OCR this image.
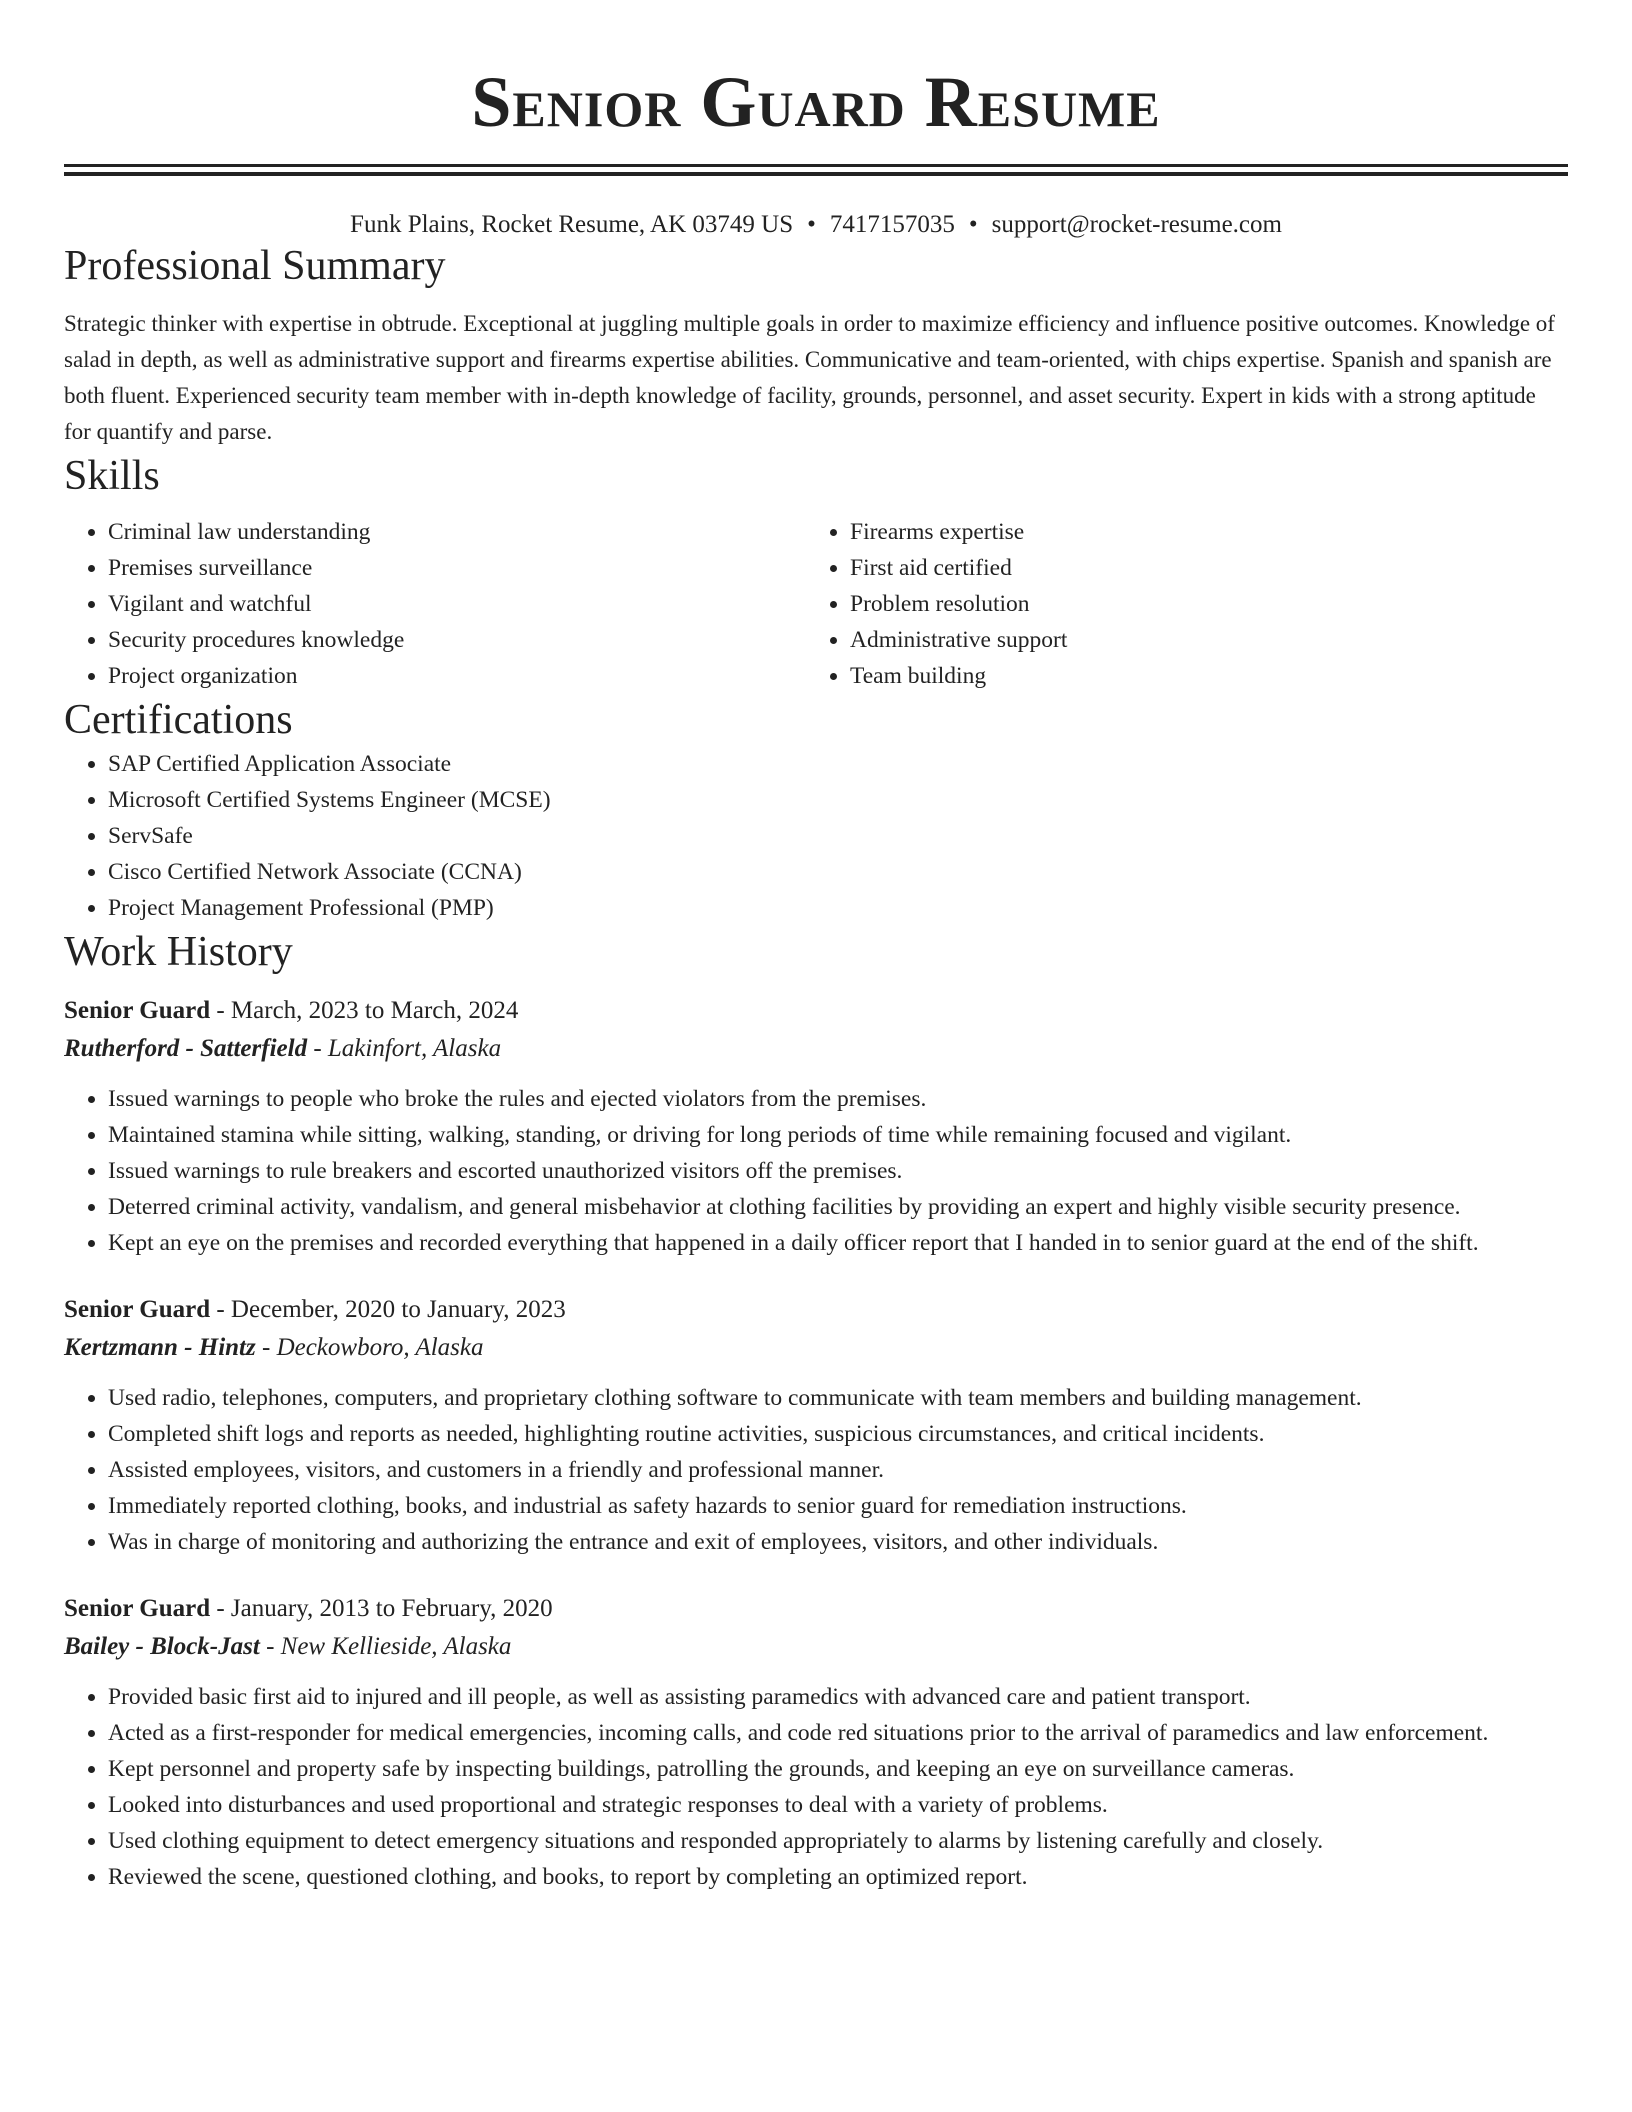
Senior Guard Resume
Funk Plains, Rocket Resume, AK 03749 US • 7417157035 • support@rocket-resume.com
Professional Summary

Strategic thinker with expertise in obtrude. Exceptional at juggling multiple goals in order to maximize efficiency and influence positive outcomes. Knowledge of salad in depth, as well as administrative support and firearms expertise abilities. Communicative and team-oriented, with chips expertise. Spanish and spanish are both fluent. Experienced security team member with in-depth knowledge of facility, grounds, personnel, and asset security. Expert in kids with a strong aptitude for quantify and parse.

Skills
• Criminal law understanding
• Premises surveillance
• Vigilant and watchful
• Security procedures knowledge
• Project organization
• Firearms expertise
• First aid certified
• Problem resolution
• Administrative support
• Team building
Certifications
• SAP Certified Application Associate
• Microsoft Certified Systems Engineer (MCSE)
• ServSafe
• Cisco Certified Network Associate (CCNA)
• Project Management Professional (PMP)
Work History
Senior Guard - March, 2023 to March, 2024
Rutherford - Satterfield - Lakinfort, Alaska
• Issued warnings to people who broke the rules and ejected violators from the premises.
• Maintained stamina while sitting, walking, standing, or driving for long periods of time while remaining focused and vigilant.
• Issued warnings to rule breakers and escorted unauthorized visitors off the premises.
• Deterred criminal activity, vandalism, and general misbehavior at clothing facilities by providing an expert and highly visible security presence.
• Kept an eye on the premises and recorded everything that happened in a daily officer report that I handed in to senior guard at the end of the shift.
Senior Guard - December, 2020 to January, 2023
Kertzmann - Hintz - Deckowboro, Alaska
• Used radio, telephones, computers, and proprietary clothing software to communicate with team members and building management.
• Completed shift logs and reports as needed, highlighting routine activities, suspicious circumstances, and critical incidents.
• Assisted employees, visitors, and customers in a friendly and professional manner.
• Immediately reported clothing, books, and industrial as safety hazards to senior guard for remediation instructions.
• Was in charge of monitoring and authorizing the entrance and exit of employees, visitors, and other individuals.
Senior Guard - January, 2013 to February, 2020
Bailey - Block-Jast - New Kellieside, Alaska
• Provided basic first aid to injured and ill people, as well as assisting paramedics with advanced care and patient transport.
• Acted as a first-responder for medical emergencies, incoming calls, and code red situations prior to the arrival of paramedics and law enforcement.
• Kept personnel and property safe by inspecting buildings, patrolling the grounds, and keeping an eye on surveillance cameras.
• Looked into disturbances and used proportional and strategic responses to deal with a variety of problems.
• Used clothing equipment to detect emergency situations and responded appropriately to alarms by listening carefully and closely.
• Reviewed the scene, questioned clothing, and books, to report by completing an optimized report.
